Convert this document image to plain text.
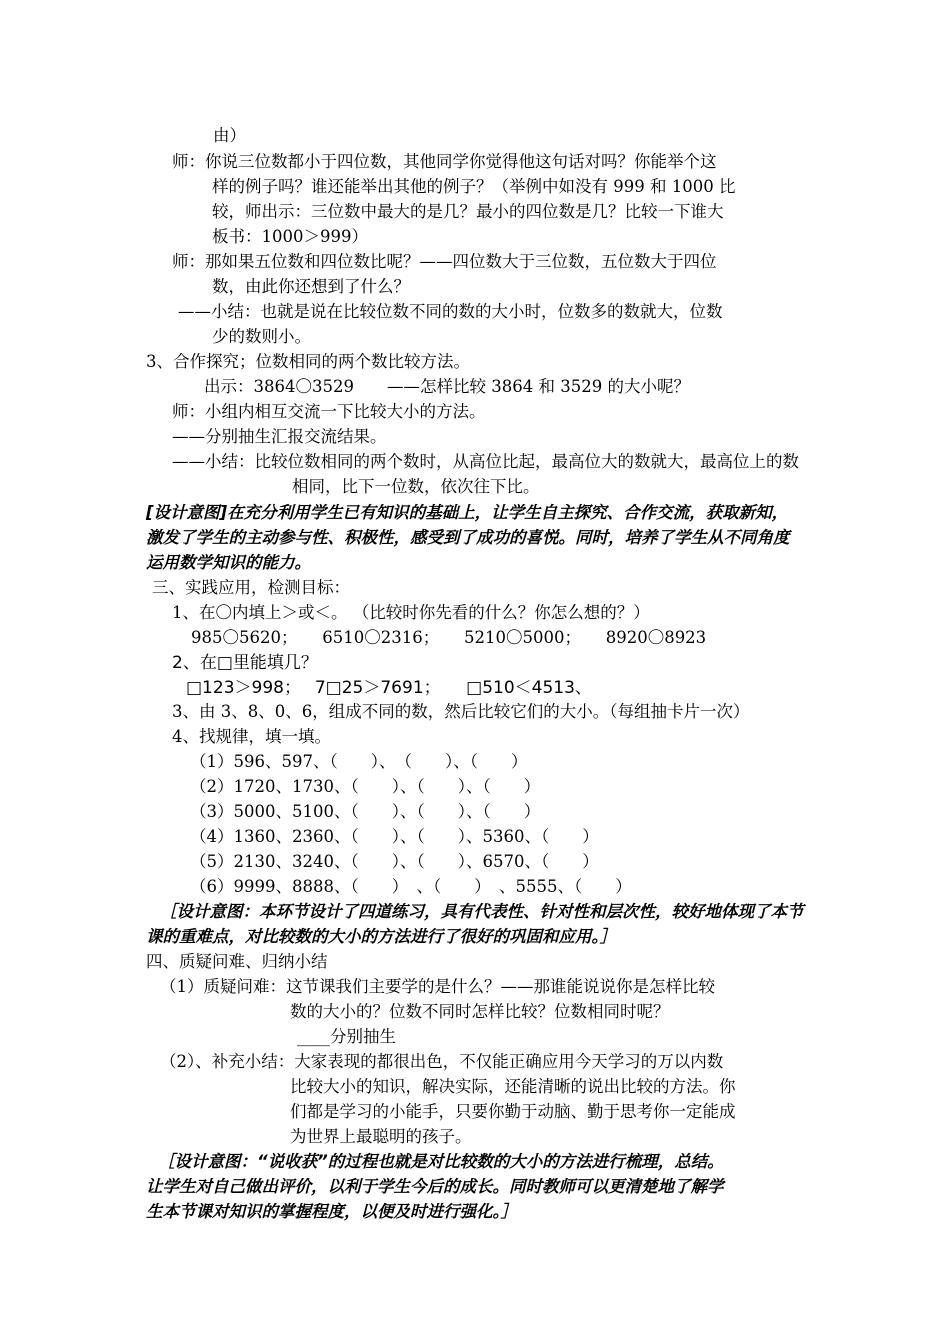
由）
师：你说三位数都小于四位数，其他同学你觉得他这句话对吗？你能举个这
样的例子吗？谁还能举出其他的例子？（举例中如没有 999 和 1000 比
较，师出示：三位数中最大的是几？最小的四位数是几？比较一下谁大
板书：1000＞999）
师：那如果五位数和四位数比呢？——四位数大于三位数，五位数大于四位
数，由此你还想到了什么？
——小结：也就是说在比较位数不同的数的大小时，位数多的数就大，位数
少的数则小。
3、合作探究；位数相同的两个数比较方法。
出示：3864〇3529　　——怎样比较 3864 和 3529 的大小呢？
师：小组内相互交流一下比较大小的方法。
——分别抽生汇报交流结果。
——小结：比较位数相同的两个数时，从高位比起，最高位大的数就大，最高位上的数
相同，比下一位数，依次往下比。
[设计意图]在充分利用学生已有知识的基础上，让学生自主探究、合作交流，获取新知，
激发了学生的主动参与性、积极性，感受到了成功的喜悦。同时，培养了学生从不同角度
运用数学知识的能力。
三、实践应用，检测目标：
1、在〇内填上＞或＜。 （比较时你先看的什么？你怎么想的？）
985〇5620；　　6510〇2316；　　5210〇5000；　　8920〇8923
2、在□里能填几？
□123＞998；　 7□25＞7691；　　□510＜4513、
3、由 3、8、0、6，组成不同的数，然后比较它们的大小。（每组抽卡片一次）
4、找规律，填一填。
（1）596、597、（　　）、　（　　）、（　　）
（2）1720、1730、（　　）、（　　）、（　　）
（3）5000、5100、（　　）、（　　）、（　　）
（4）1360、2360、（　　）、（　　）、5360、（　　）
（5）2130、3240、（　　）、（　　）、6570、（　　）
（6）9999、8888、（　　）　、（　　）　、5555、（　　）
［设计意图：本环节设计了四道练习，具有代表性、针对性和层次性，较好地体现了本节
课的重难点，对比较数的大小的方法进行了很好的巩固和应用。］
四、质疑问难、归纳小结
（1）质疑问难：这节课我们主要学的是什么？——那谁能说说你是怎样比较
数的大小的？位数不同时怎样比较？位数相同时呢？
____分别抽生
（2）、补充小结：大家表现的都很出色，不仅能正确应用今天学习的万以内数
比较大小的知识，解决实际，还能清晰的说出比较的方法。你
们都是学习的小能手，只要你勤于动脑、勤于思考你一定能成
为世界上最聪明的孩子。
［设计意图：“说收获”的过程也就是对比较数的大小的方法进行梳理，总结。
让学生对自己做出评价，以利于学生今后的成长。同时教师可以更清楚地了解学
生本节课对知识的掌握程度，以便及时进行强化。］
